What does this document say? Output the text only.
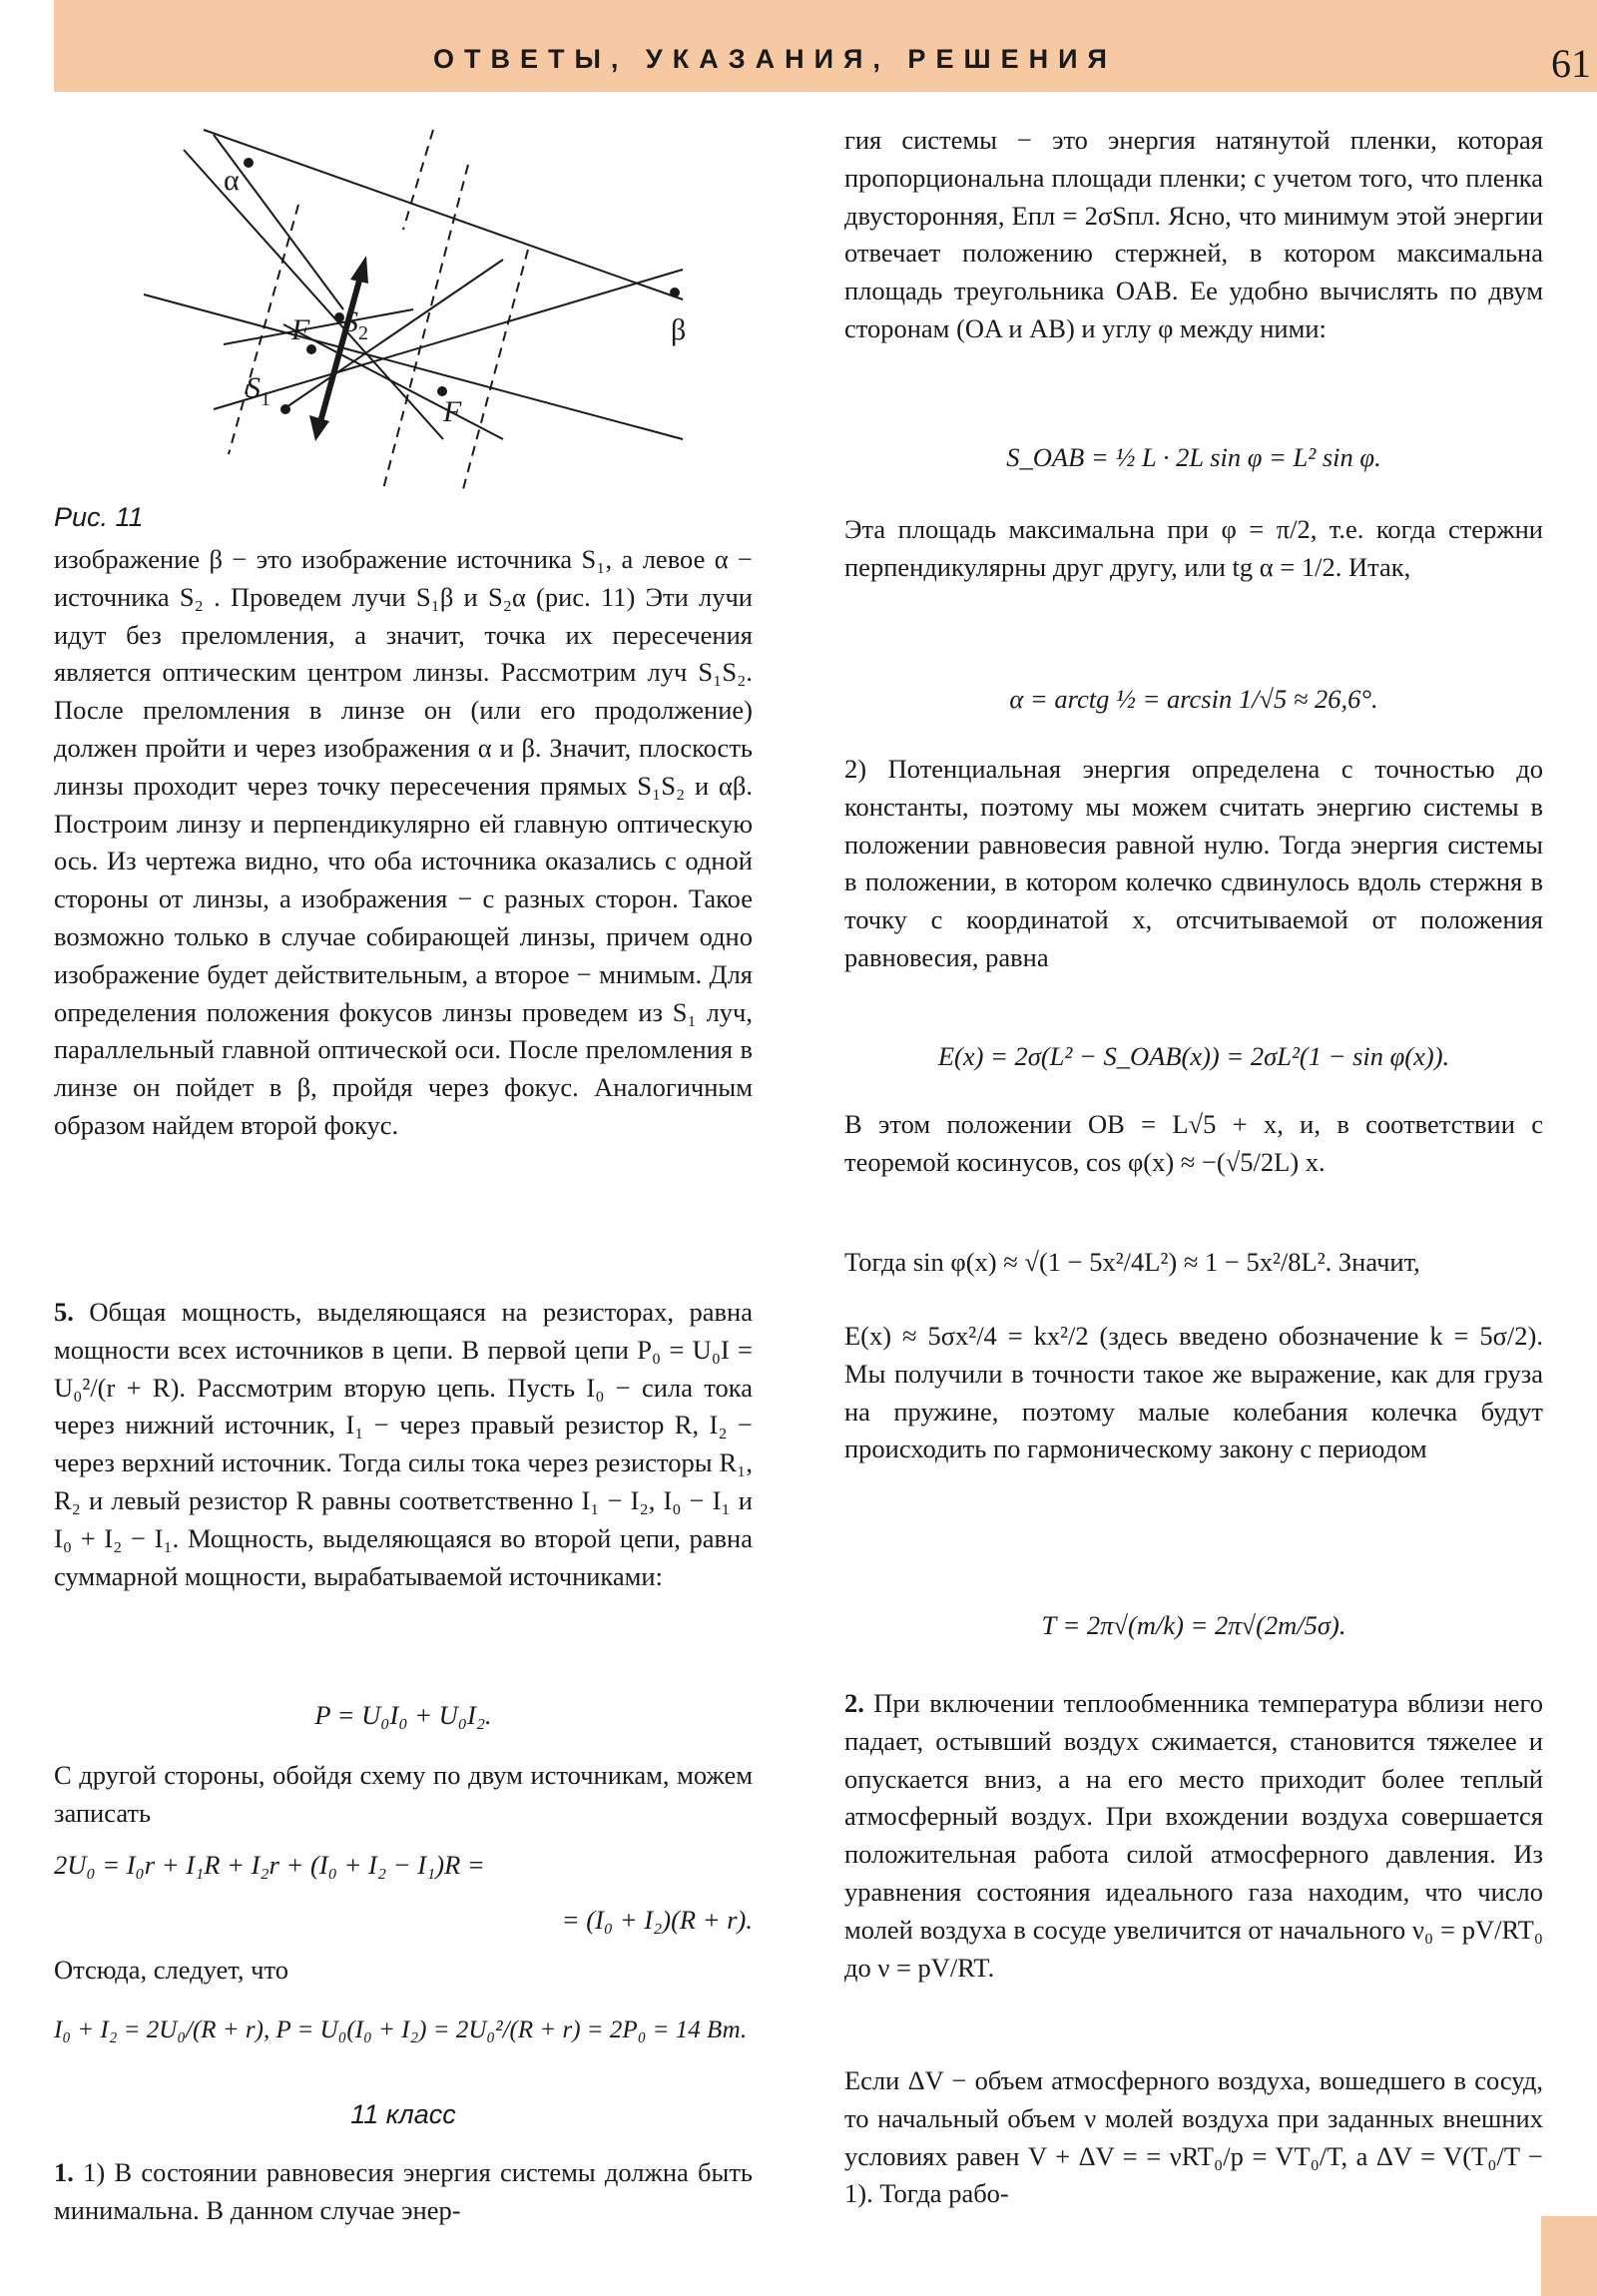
ОТВЕТЫ, УКАЗАНИЯ, РЕШЕНИЯ	61
α
β
F
F
$S_1$
$S_2$

Рис. 11

изображение β − это изображение источника S₁, а левое α − источника S₂ . Проведем лучи S₁β и S₂α (рис. 11) Эти лучи идут без преломления, а значит, точка их пересечения является оптическим центром линзы. Рассмотрим луч S₁S₂. После преломления в линзе он (или его продолжение) должен пройти и через изображения α и β. Значит, плоскость линзы проходит через точку пересечения прямых S₁S₂ и αβ. Построим линзу и перпендикулярно ей главную оптическую ось. Из чертежа видно, что оба источника оказались с одной стороны от линзы, а изображения − с разных сторон. Такое возможно только в случае собирающей линзы, причем одно изображение будет действительным, а второе − мнимым. Для определения положения фокусов линзы проведем из S₁ луч, параллельный главной оптической оси. После преломления в линзе он пойдет в β, пройдя через фокус. Аналогичным образом найдем второй фокус.

5. Общая мощность, выделяющаяся на резисторах, равна мощности всех источников в цепи. В первой цепи P₀ = U₀I = U₀²/(r + R). Рассмотрим вторую цепь. Пусть I₀ − сила тока через нижний источник, I₁ − через правый резистор R, I₂ − через верхний источник. Тогда силы тока через резисторы R₁, R₂ и левый резистор R равны соответственно I₁ − I₂, I₀ − I₁ и I₀ + I₂ − I₁. Мощность, выделяющаяся во второй цепи, равна суммарной мощности, вырабатываемой источниками:

P = U₀I₀ + U₀I₂.

С другой стороны, обойдя схему по двум источникам, можем записать

2U₀ = I₀r + I₁R + I₂r + (I₀ + I₂ − I₁)R =

= (I₀ + I₂)(R + r).

Отсюда, следует, что

I₀ + I₂ = 2U₀/(R + r), P = U₀(I₀ + I₂) = 2U₀²/(R + r) = 2P₀ = 14 Вт.

11 класс

1. 1) В состоянии равновесия энергия системы должна быть минимальна. В данном случае энер-

гия системы − это энергия натянутой пленки, которая пропорциональна площади пленки; с учетом того, что пленка двусторонняя, Eпл = 2σSпл. Ясно, что минимум этой энергии отвечает положению стержней, в котором максимальна площадь треугольника OAB. Ее удобно вычислять по двум сторонам (OA и AB) и углу φ между ними:

S_OAB = ½ L · 2L sin φ = L² sin φ.

Эта площадь максимальна при φ = π/2, т.е. когда стержни перпендикулярны друг другу, или tg α = 1/2. Итак,

α = arctg ½ = arcsin 1/√5 ≈ 26,6°.

2) Потенциальная энергия определена с точностью до константы, поэтому мы можем считать энергию системы в положении равновесия равной нулю. Тогда энергия системы в положении, в котором колечко сдвинулось вдоль стержня в точку с координатой x, отсчитываемой от положения равновесия, равна

E(x) = 2σ(L² − S_OAB(x)) = 2σL²(1 − sin φ(x)).

В этом положении OB = L√5 + x, и, в соответствии с теоремой косинусов, cos φ(x) ≈ −(√5/2L) x.

Тогда sin φ(x) ≈ √(1 − 5x²/4L²) ≈ 1 − 5x²/8L². Значит,

E(x) ≈ 5σx²/4 = kx²/2 (здесь введено обозначение k = 5σ/2). Мы получили в точности такое же выражение, как для груза на пружине, поэтому малые колебания колечка будут происходить по гармоническому закону с периодом

T = 2π√(m/k) = 2π√(2m/5σ).

2. При включении теплообменника температура вблизи него падает, остывший воздух сжимается, становится тяжелее и опускается вниз, а на его место приходит более теплый атмосферный воздух. При вхождении воздуха совершается положительная работа силой атмосферного давления. Из уравнения состояния идеального газа находим, что число молей воздуха в сосуде увеличится от начального ν₀ = pV/RT₀ до ν = pV/RT.

Если ΔV − объем атмосферного воздуха, вошедшего в сосуд, то начальный объем ν молей воздуха при заданных внешних условиях равен V + ΔV = = νRT₀/p = VT₀/T, а ΔV = V(T₀/T − 1). Тогда рабо-
